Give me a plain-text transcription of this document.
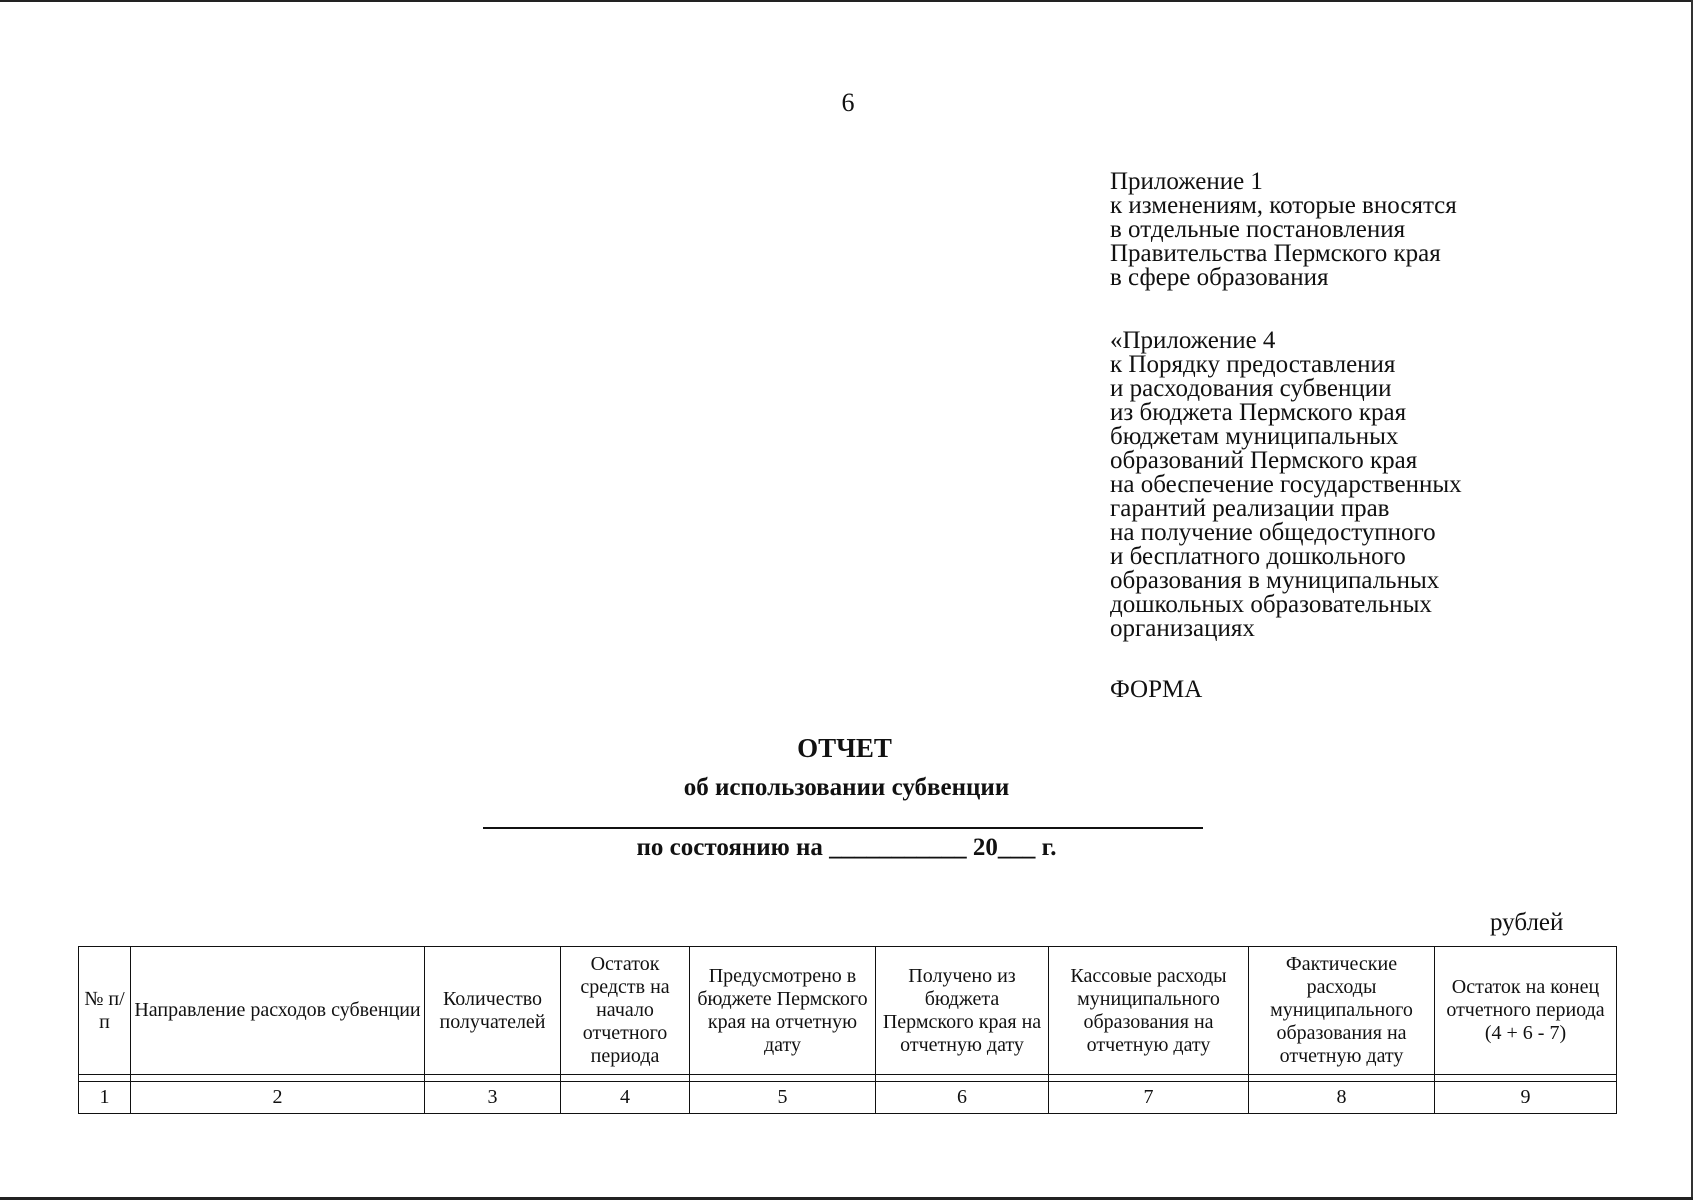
6
Приложение 1
к изменениям, которые вносятся
в отдельные постановления
Правительства Пермского края
в сфере образования
«Приложение 4
к Порядку предоставления
и расходования субвенции
из бюджета Пермского края
бюджетам муниципальных
образований Пермского края
на обеспечение государственных
гарантий реализации прав
на получение общедоступного
и бесплатного дошкольного
образования в муниципальных
дошкольных образовательных
организациях
ФОРМА
ОТЧЕТ
об использовании субвенции
по состоянию на ___________ 20___ г.
рублей
№ п/п	Направление расходов субвенции	Количество получателей	Остаток средств на начало отчетного периода	Предусмотрено в бюджете Пермского края на отчетную дату	Получено из бюджета Пермского края на отчетную дату	Кассовые расходы муниципального образования на отчетную дату	Фактические расходы муниципального образования на отчетную дату	Остаток на конец отчетного периода (4 + 6 - 7)

1	2	3	4	5	6	7	8	9
